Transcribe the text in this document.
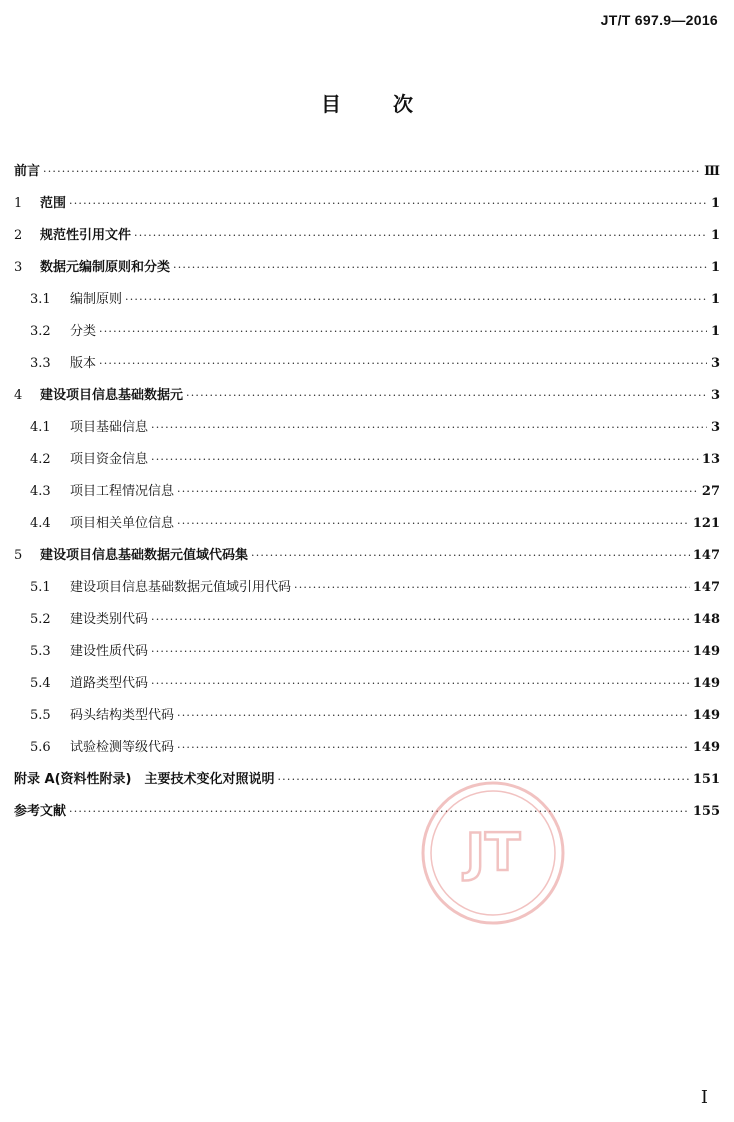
JT/T 697.9—2016
目	次
前言 ·····	Ⅲ
1	范围 ·····	1
2	规范性引用文件 ·····	1
3	数据元编制原则和分类 ·····	1
3.1	编制原则 ·····	1
3.2	分类 ·····	1
3.3	版本 ·····	3
4	建设项目信息基础数据元 ·····	3
4.1	项目基础信息 ·····	3
4.2	项目资金信息 ·····	13
4.3	项目工程情况信息 ·····	27
4.4	项目相关单位信息 ·····	121
5	建设项目信息基础数据元值域代码集 ·····	147
5.1	建设项目信息基础数据元值域引用代码 ·····	147
5.2	建设类别代码 ·····	148
5.3	建设性质代码 ·····	149
5.4	道路类型代码 ·····	149
5.5	码头结构类型代码 ·····	149
5.6	试验检测等级代码 ·····	149
附录 A(资料性附录)　主要技术变化对照说明 ·····	151
参考文献 ·····	155
JT
I
